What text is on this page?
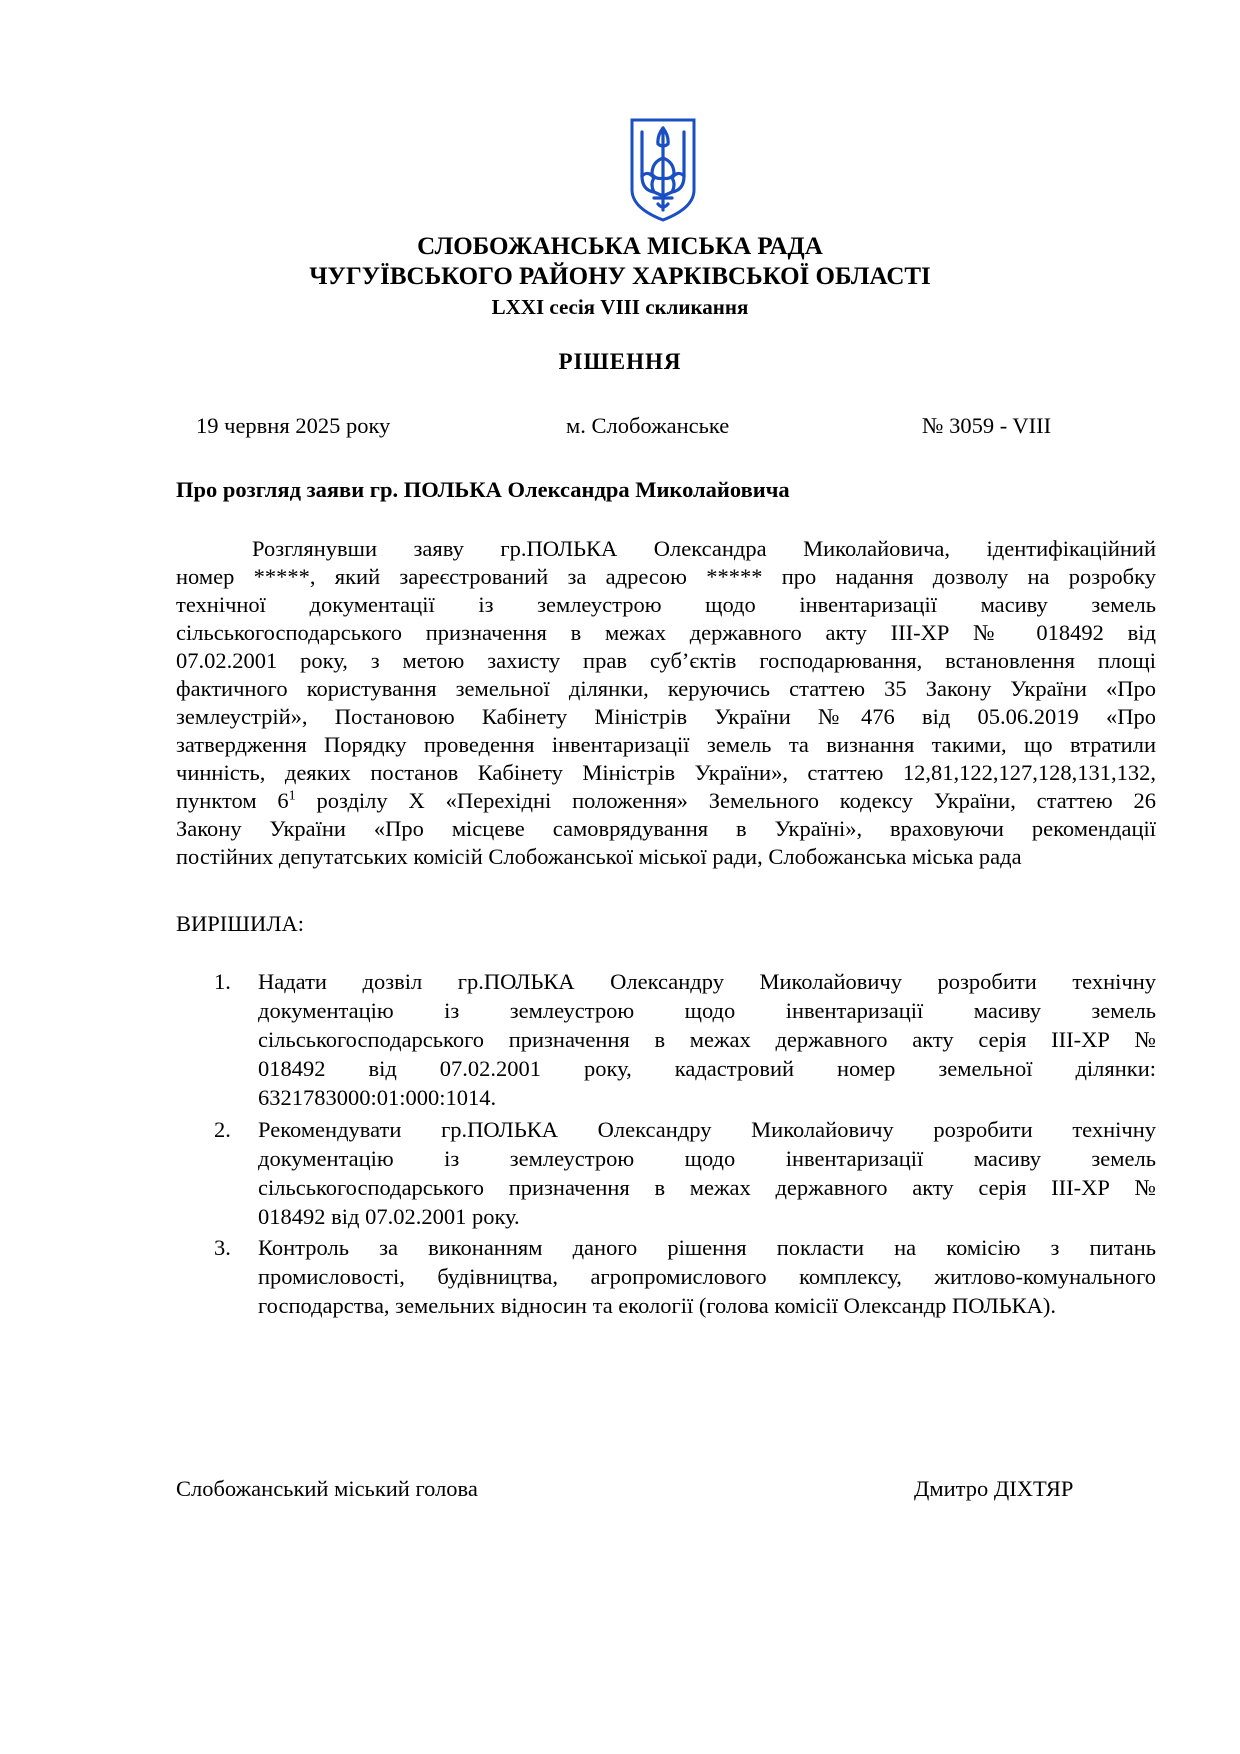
СЛОБОЖАНСЬКА МІСЬКА РАДА
ЧУГУЇВСЬКОГО РАЙОНУ ХАРКІВСЬКОЇ ОБЛАСТІ
LXXI сесія VIII скликання
РІШЕННЯ
19 червня 2025 року	м. Слобожанське	№ 3059 - VIII
Про розгляд заяви гр. ПОЛЬКА Олександра Миколайовича
Розглянувши заяву гр.ПОЛЬКА Олександра Миколайовича, ідентифікаційний
номер *****, який зареєстрований за адресою ***** про надання дозволу на розробку
технічної документації із землеустрою щодо інвентаризації масиву земель
сільськогосподарського призначення в межах державного акту ІІІ-ХР № 018492 від
07.02.2001 року, з метою захисту прав суб’єктів господарювання, встановлення площі
фактичного користування земельної ділянки, керуючись статтею 35 Закону України «Про
землеустрій», Постановою Кабінету Міністрів України №476 від 05.06.2019 «Про
затвердження Порядку проведення інвентаризації земель та визнання такими, що втратили
чинність, деяких постанов Кабінету Міністрів України», статтею 12,81,122,127,128,131,132,
пунктом $6^1$ розділу Х «Перехідні положення» Земельного кодексу України, статтею 26
Закону України «Про місцеве самоврядування в Україні», враховуючи рекомендації
постійних депутатських комісій Слобожанської міської ради, Слобожанська міська рада
ВИРІШИЛА:
1.	Надати дозвіл гр.ПОЛЬКА Олександру Миколайовичу розробити технічну
документацію із землеустрою щодо інвентаризації масиву земель
сільськогосподарського призначення в межах державного акту серія ІІІ-ХР №
018492 від 07.02.2001 року, кадастровий номер земельної ділянки:
6321783000:01:000:1014.
2.	Рекомендувати гр.ПОЛЬКА Олександру Миколайовичу розробити технічну
документацію із землеустрою щодо інвентаризації масиву земель
сільськогосподарського призначення в межах державного акту серія ІІІ-ХР №
018492 від 07.02.2001 року.
3.	Контроль за виконанням даного рішення покласти на комісію з питань
промисловості, будівництва, агропромислового комплексу, житлово-комунального
господарства, земельних відносин та екології (голова комісії Олександр ПОЛЬКА).
Слобожанський міський голова	Дмитро ДІХТЯР
